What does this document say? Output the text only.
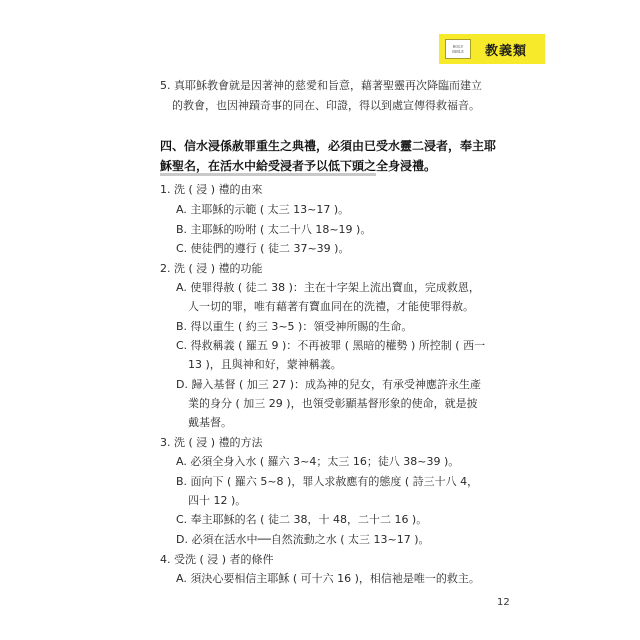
HOLY
BIBLE 教義類
5. 真耶穌教會就是因著神的慈愛和旨意，藉著聖靈再次降臨而建立
的教會，也因神蹟奇事的同在、印證，得以到處宣傳得救福音。
四、信水浸係赦罪重生之典禮，必須由已受水靈二浸者，奉主耶
穌聖名，在活水中給受浸者予以低下頭之全身浸禮。
1. 洗 ( 浸 ) 禮的由來
A. 主耶穌的示範 ( 太三 13~17 )。
B. 主耶穌的吩咐 ( 太二十八 18~19 )。
C. 使徒們的遵行 ( 徒二 37~39 )。
2. 洗 ( 浸 ) 禮的功能
A. 使罪得赦 ( 徒二 38 )：主在十字架上流出寶血，完成救恩，
人一切的罪，唯有藉著有寶血同在的洗禮，才能使罪得赦。
B. 得以重生 ( 約三 3~5 )：領受神所賜的生命。
C. 得救稱義 ( 羅五 9 )：不再被罪 ( 黑暗的權勢 ) 所控制 ( 西一
13 )，且與神和好，蒙神稱義。
D. 歸入基督 ( 加三 27 )：成為神的兒女，有承受神應許永生產
業的身分 ( 加三 29 )，也領受彰顯基督形象的使命，就是披
戴基督。
3. 洗 ( 浸 ) 禮的方法
A. 必須全身入水 ( 羅六 3~4；太三 16；徒八 38~39 )。
B. 面向下 ( 羅六 5~8 )，罪人求赦應有的態度 ( 詩三十八 4，
四十 12 )。
C. 奉主耶穌的名 ( 徒二 38，十 48，二十二 16 )。
D. 必須在活水中──自然流動之水 ( 太三 13~17 )。
4. 受洗 ( 浸 ) 者的條件
A. 須決心要相信主耶穌 ( 可十六 16 )，相信祂是唯一的救主。
12
